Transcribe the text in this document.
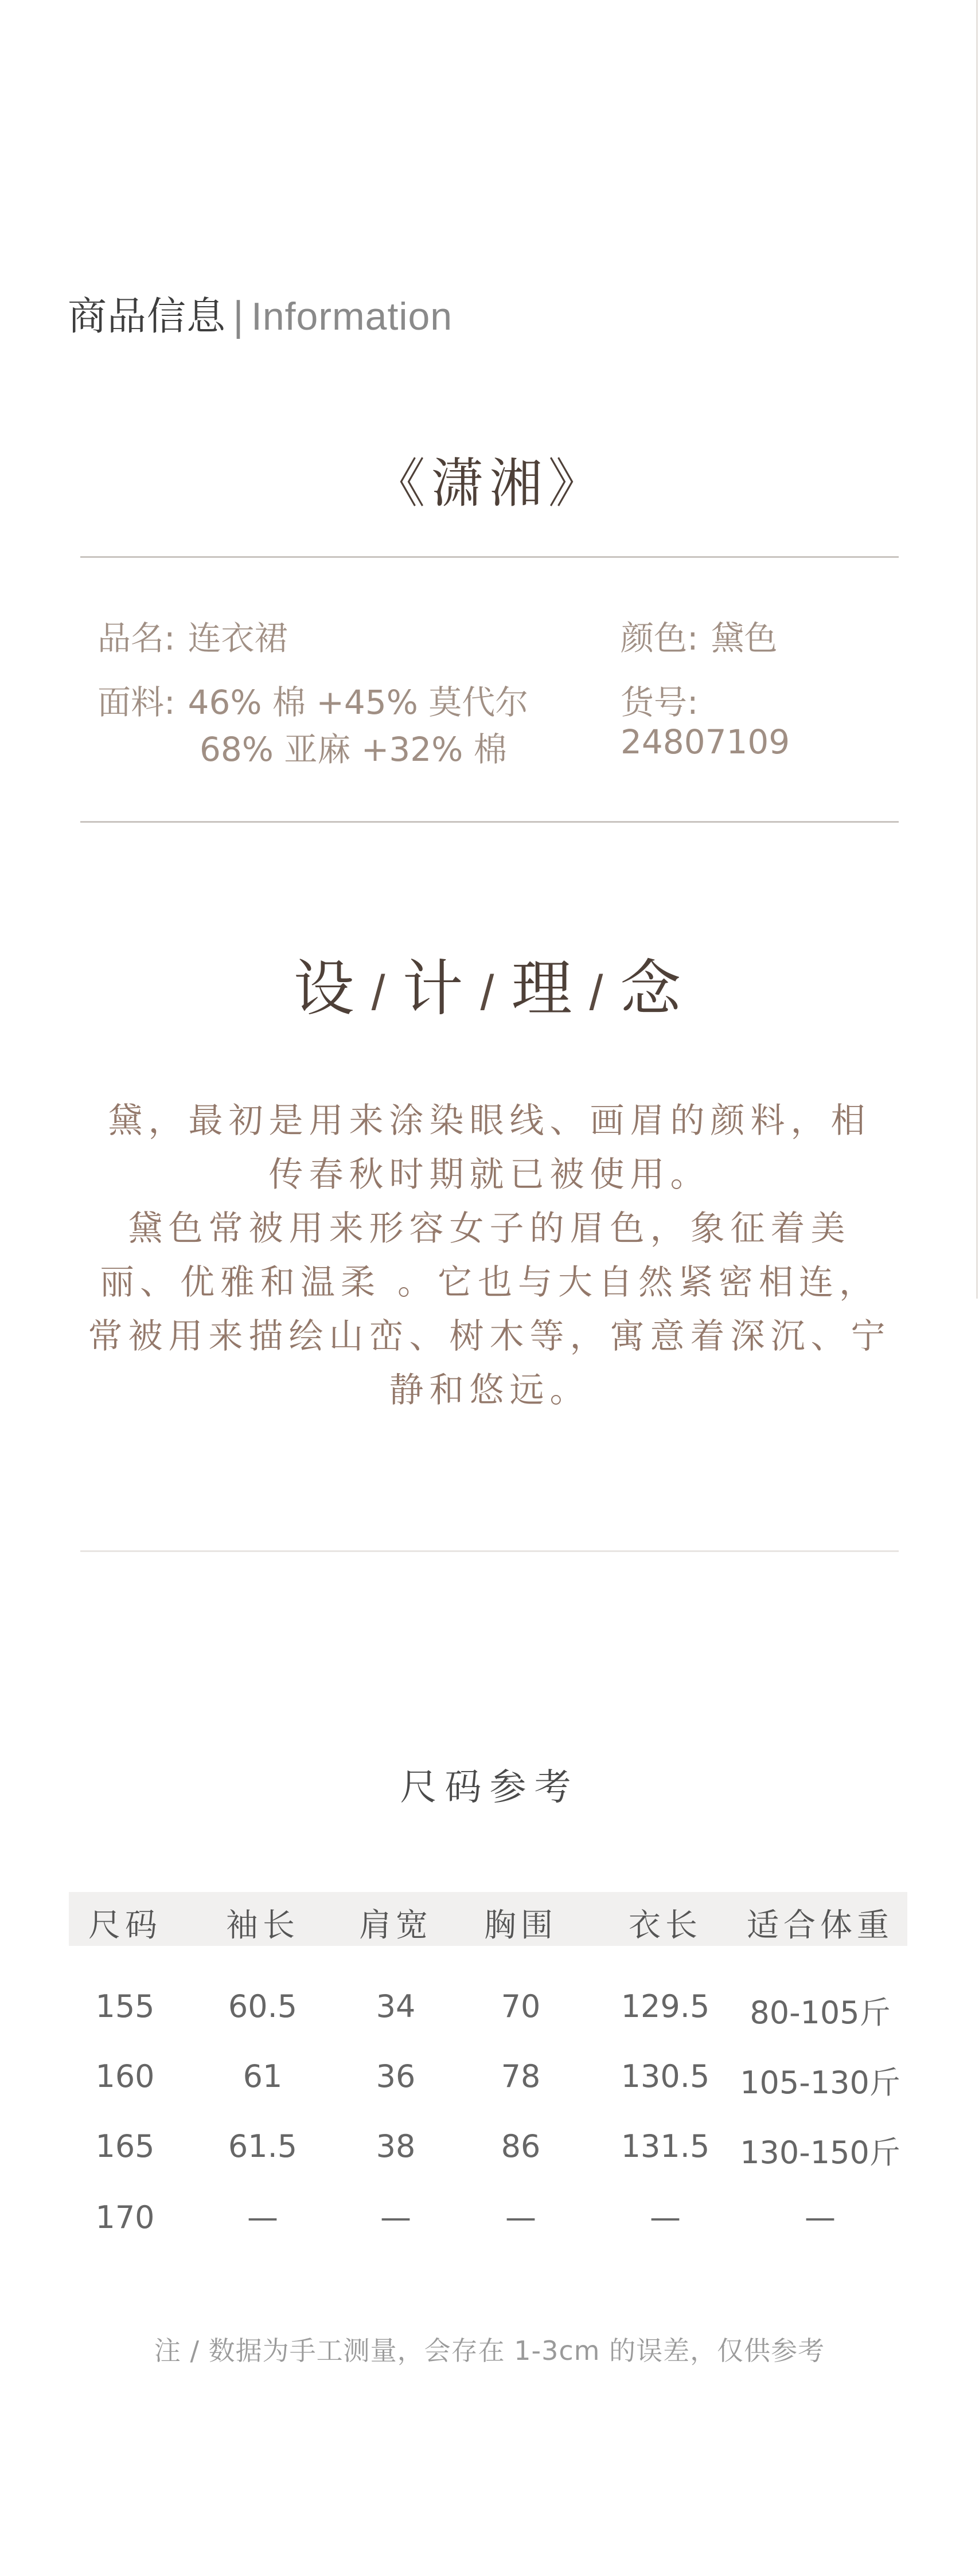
商品信息 | Information
《潇湘》
品名: 连衣裙	颜色: 黛色
面料: 46% 棉 +45% 莫代尔
68% 亚麻 +32% 棉
货号:
24807109
设 / 计 / 理 / 念

黛，最初是用来涂染眼线、画眉的颜料，相

传春秋时期就已被使用。

黛色常被用来形容女子的眉色，象征着美

丽、优雅和温柔 。它也与大自然紧密相连，

常被用来描绘山峦、树木等，寓意着深沉、宁

静和悠远。

尺码参考
尺码 袖长 肩宽 胸围 衣长 适合体重
155 60.5	34	70	129.5 80-105斤
160	61	36	78	130.5 105-130斤
165 61.5	38	86	131.5 130-150斤
170	—	—	—	—	—
注 / 数据为手工测量，会存在 1-3cm 的误差，仅供参考
